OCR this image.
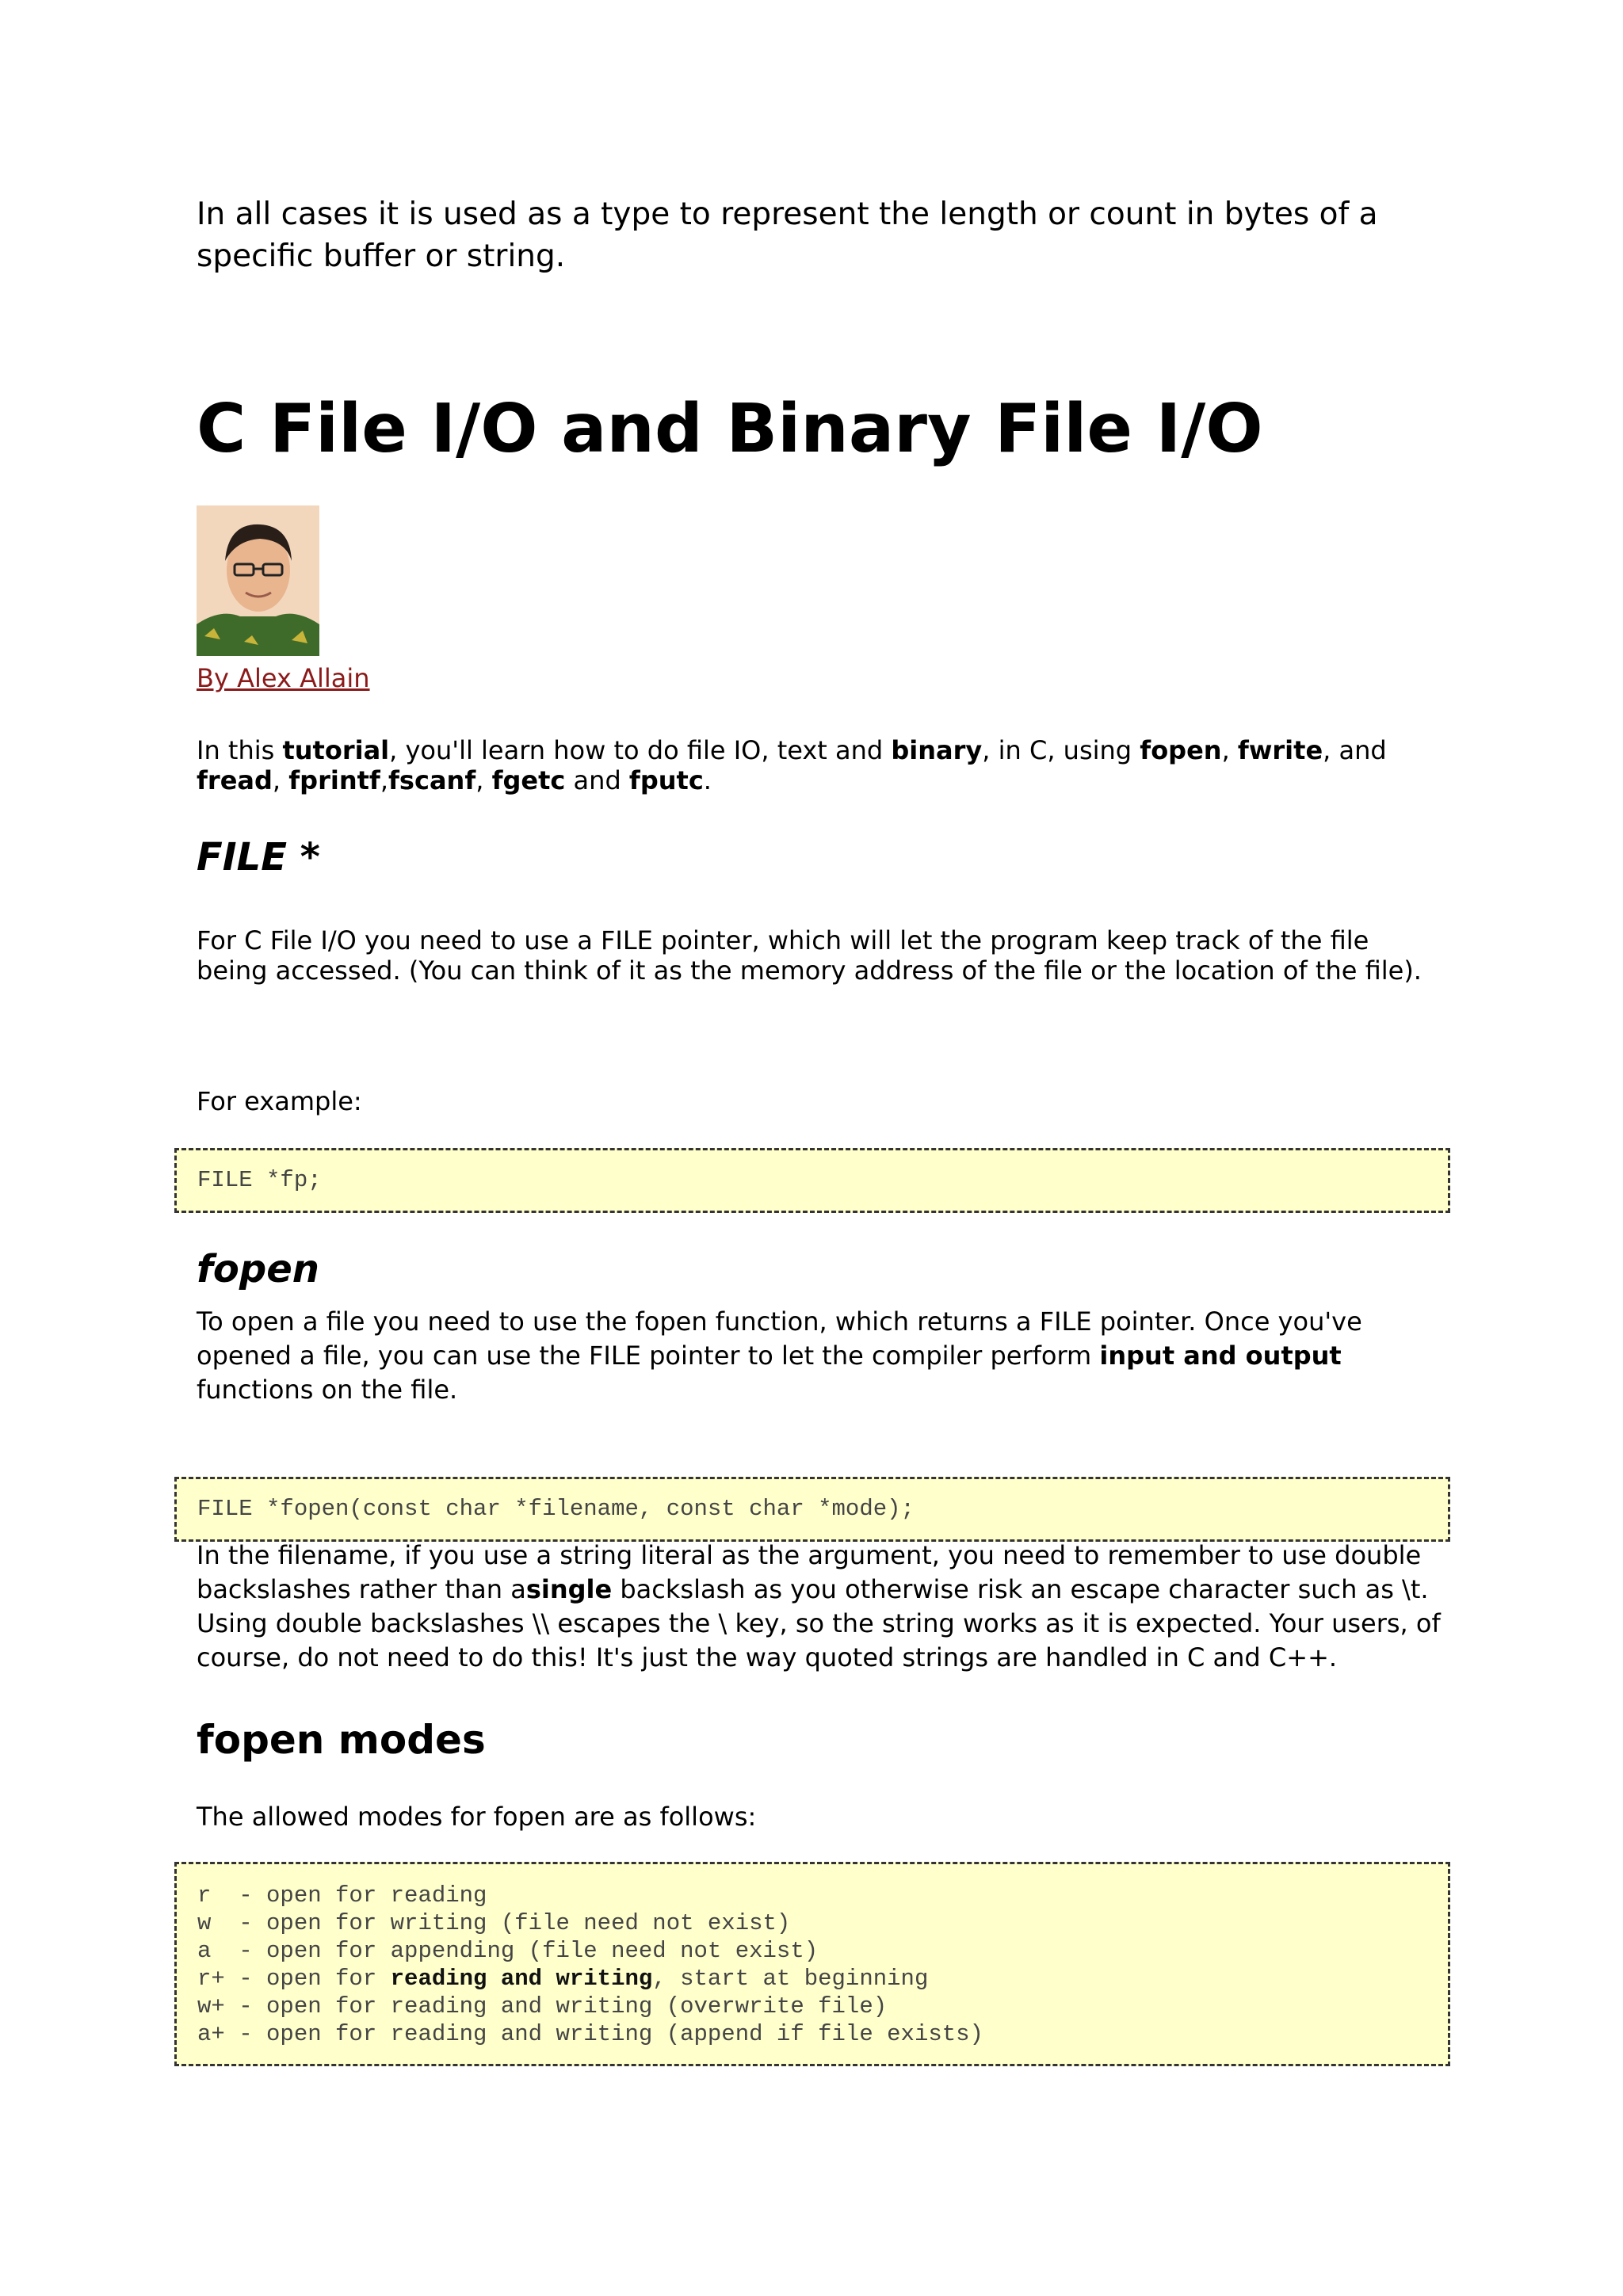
In all cases it is used as a type to represent the length or count in bytes of a specific buffer or string.
C File I/O and Binary File I/O
By Alex Allain
In this tutorial, you'll learn how to do file IO, text and binary, in C, using fopen, fwrite, and fread, fprintf,fscanf, fgetc and fputc.
FILE *
For C File I/O you need to use a FILE pointer, which will let the program keep track of the file being accessed. (You can think of it as the memory address of the file or the location of the file).
For example:
FILE *fp;
fopen
To open a file you need to use the fopen function, which returns a FILE pointer. Once you've opened a file, you can use the FILE pointer to let the compiler perform input and output functions on the file.
FILE *fopen(const char *filename, const char *mode);
In the filename, if you use a string literal as the argument, you need to remember to use double backslashes rather than asingle backslash as you otherwise risk an escape character such as \t. Using double backslashes \\ escapes the \ key, so the string works as it is expected. Your users, of course, do not need to do this! It's just the way quoted strings are handled in C and C++.
fopen modes
The allowed modes for fopen are as follows:
r  - open for reading
w  - open for writing (file need not exist)
a  - open for appending (file need not exist)
r+ - open for reading and writing, start at beginning
w+ - open for reading and writing (overwrite file)
a+ - open for reading and writing (append if file exists)
